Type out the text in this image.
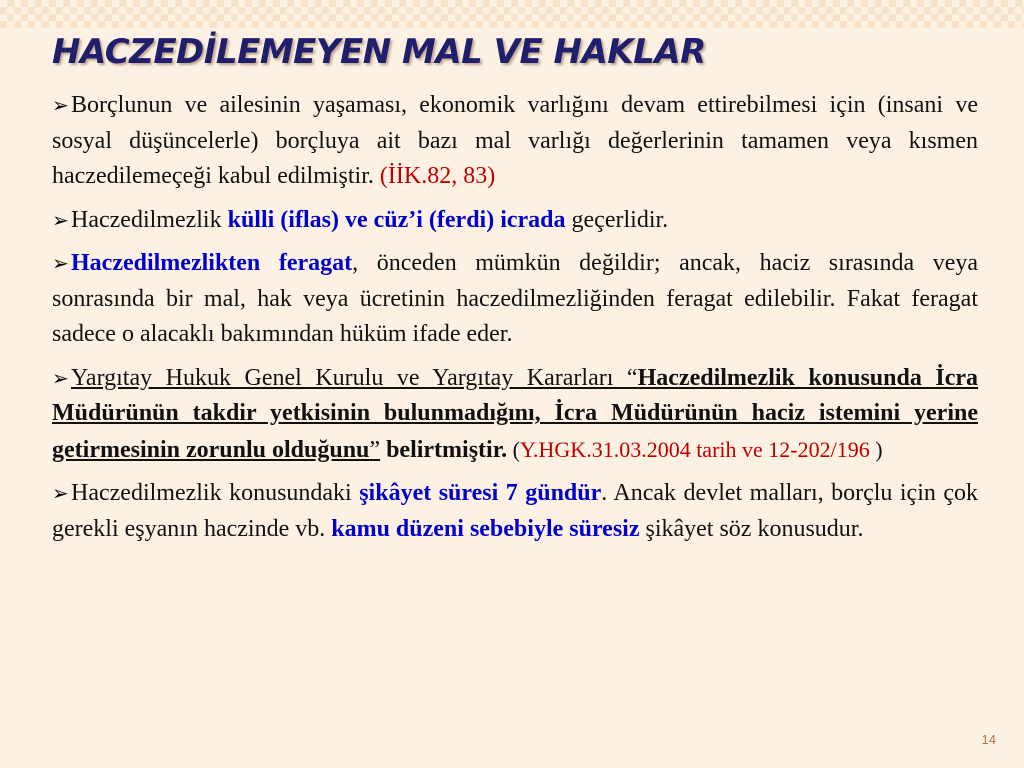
HACZEDİLEMEYEN MAL VE HAKLAR

➢Borçlunun ve ailesinin yaşaması, ekonomik varlığını devam ettirebilmesi için (insani ve sosyal düşüncelerle) borçluya ait bazı mal varlığı değerlerinin tamamen veya kısmen haczedilemeçeği kabul edilmiştir. (İİK.82, 83)

➢Haczedilmezlik külli (iflas) ve cüz’i (ferdi) icrada geçerlidir.

➢Haczedilmezlikten feragat, önceden mümkün değildir; ancak, haciz sırasında veya sonrasında bir mal, hak veya ücretinin haczedilmezliğinden feragat edilebilir. Fakat feragat sadece o alacaklı bakımından hüküm ifade eder.

➢Yargıtay Hukuk Genel Kurulu ve Yargıtay Kararları “Haczedilmezlik konusunda İcra Müdürünün takdir yetkisinin bulunmadığını, İcra Müdürünün haciz istemini yerine getirmesinin zorunlu olduğunu” belirtmiştir. (Y.HGK.31.03.2004 tarih ve 12-202/196 )

➢Haczedilmezlik konusundaki şikâyet süresi 7 gündür. Ancak devlet malları, borçlu için çok gerekli eşyanın haczinde vb. kamu düzeni sebebiyle süresiz şikâyet söz konusudur.

14
